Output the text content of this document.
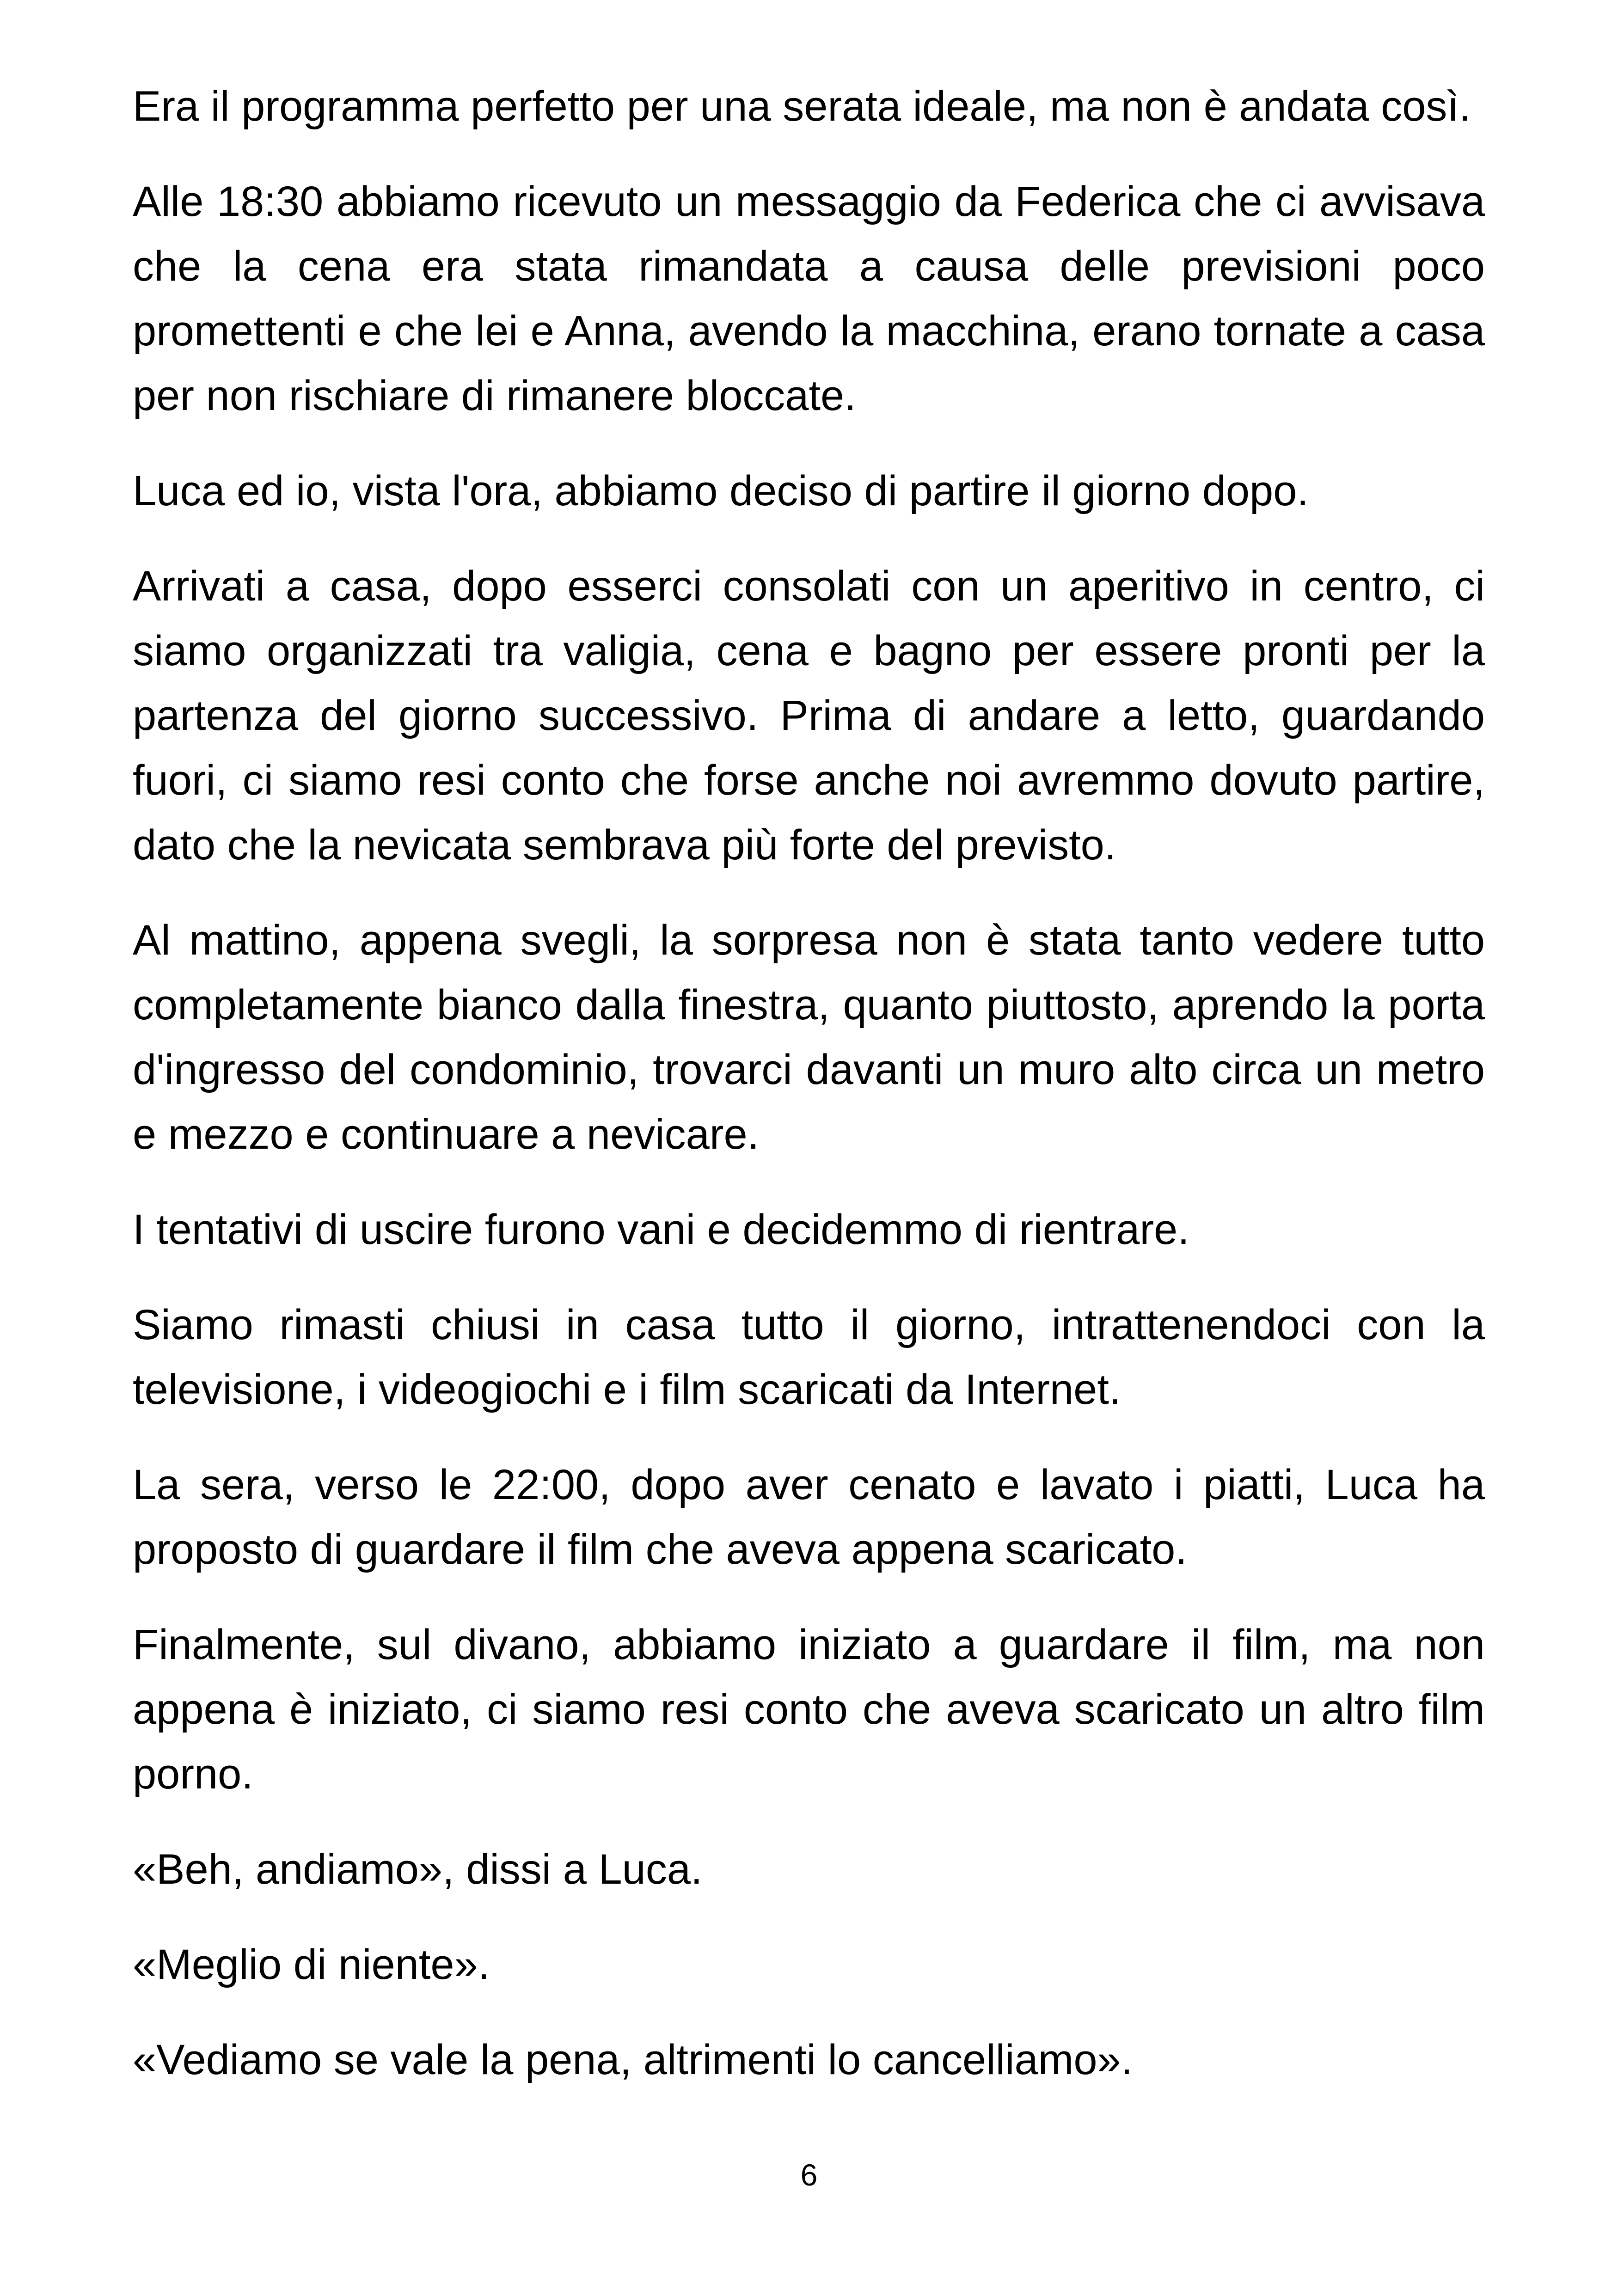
Era il programma perfetto per una serata ideale, ma non è andata così.

Alle 18:30 abbiamo ricevuto un messaggio da Federica che ci avvisava che la cena era stata rimandata a causa delle previsioni poco promettenti e che lei e Anna, avendo la macchina, erano tornate a casa per non rischiare di rimanere bloccate.

Luca ed io, vista l'ora, abbiamo deciso di partire il giorno dopo.

Arrivati a casa, dopo esserci consolati con un aperitivo in centro, ci siamo organizzati tra valigia, cena e bagno per essere pronti per la partenza del giorno successivo. Prima di andare a letto, guardando fuori, ci siamo resi conto che forse anche noi avremmo dovuto partire, dato che la nevicata sembrava più forte del previsto.

Al mattino, appena svegli, la sorpresa non è stata tanto vedere tutto completamente bianco dalla finestra, quanto piuttosto, aprendo la porta d'ingresso del condominio, trovarci davanti un muro alto circa un metro e mezzo e continuare a nevicare.

I tentativi di uscire furono vani e decidemmo di rientrare.

Siamo rimasti chiusi in casa tutto il giorno, intrattenendoci con la televisione, i videogiochi e i film scaricati da Internet.

La sera, verso le 22:00, dopo aver cenato e lavato i piatti, Luca ha proposto di guardare il film che aveva appena scaricato.

Finalmente, sul divano, abbiamo iniziato a guardare il film, ma non appena è iniziato, ci siamo resi conto che aveva scaricato un altro film porno.

«Beh, andiamo», dissi a Luca.

«Meglio di niente».

«Vediamo se vale la pena, altrimenti lo cancelliamo».

6
